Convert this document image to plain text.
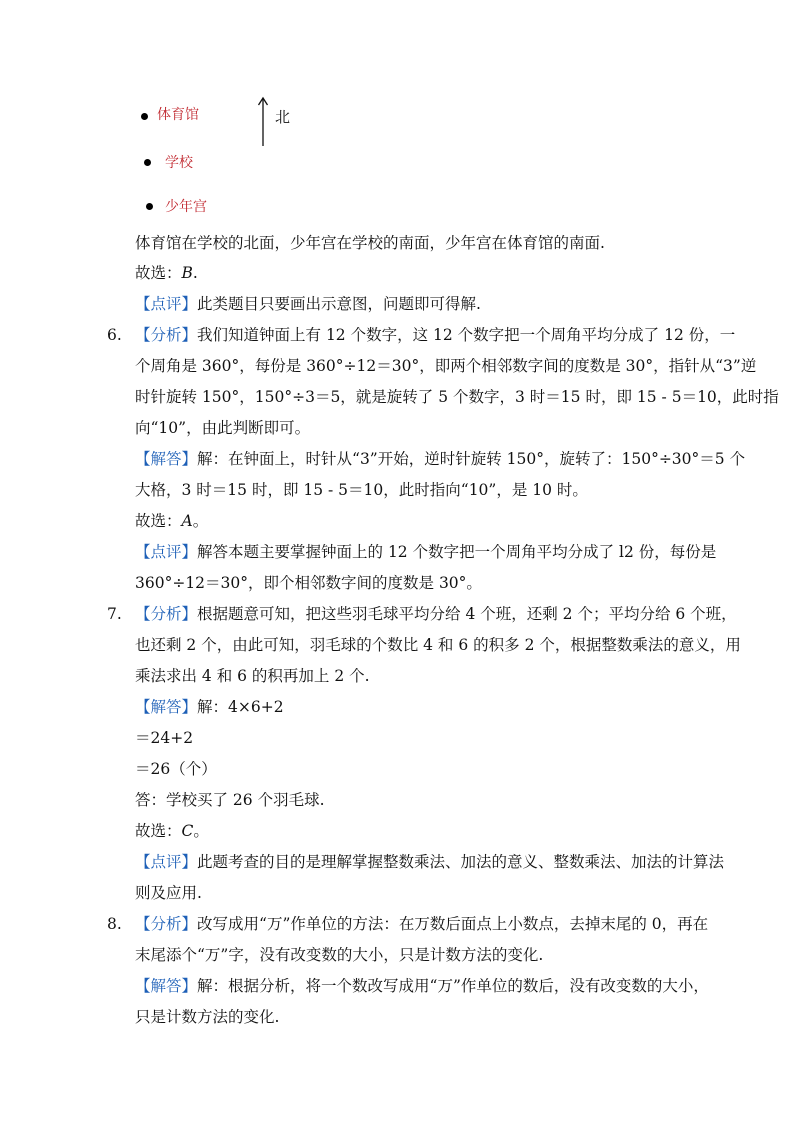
体育馆
学校
少年宫
北
体育馆在学校的北面，少年宫在学校的南面，少年宫在体育馆的南面.
故选：B.
【点评】此类题目只要画出示意图，问题即可得解.
6. 【分析】我们知道钟面上有 12 个数字，这 12 个数字把一个周角平均分成了 12 份，一
个周角是 360°，每份是 360°÷12＝30°，即两个相邻数字间的度数是 30°，指针从“3”逆
时针旋转 150°，150°÷3＝5，就是旋转了 5 个数字，3 时＝15 时，即 15 - 5＝10，此时指
向“10”，由此判断即可。
【解答】解：在钟面上，时针从“3”开始，逆时针旋转 150°，旋转了：150°÷30°＝5 个
大格，3 时＝15 时，即 15 - 5＝10，此时指向“10”，是 10 时。
故选：A。
【点评】解答本题主要掌握钟面上的 12 个数字把一个周角平均分成了 l2 份，每份是
360°÷12＝30°，即个相邻数字间的度数是 30°。
7. 【分析】根据题意可知，把这些羽毛球平均分给 4 个班，还剩 2 个；平均分给 6 个班，
也还剩 2 个，由此可知，羽毛球的个数比 4 和 6 的积多 2 个，根据整数乘法的意义，用
乘法求出 4 和 6 的积再加上 2 个.
【解答】解：4×6+2
＝24+2
＝26（个）
答：学校买了 26 个羽毛球.
故选：C。
【点评】此题考查的目的是理解掌握整数乘法、加法的意义、整数乘法、加法的计算法
则及应用.
8. 【分析】改写成用“万”作单位的方法：在万数后面点上小数点，去掉末尾的 0，再在
末尾添个“万”字，没有改变数的大小，只是计数方法的变化.
【解答】解：根据分析，将一个数改写成用“万”作单位的数后，没有改变数的大小，
只是计数方法的变化.
